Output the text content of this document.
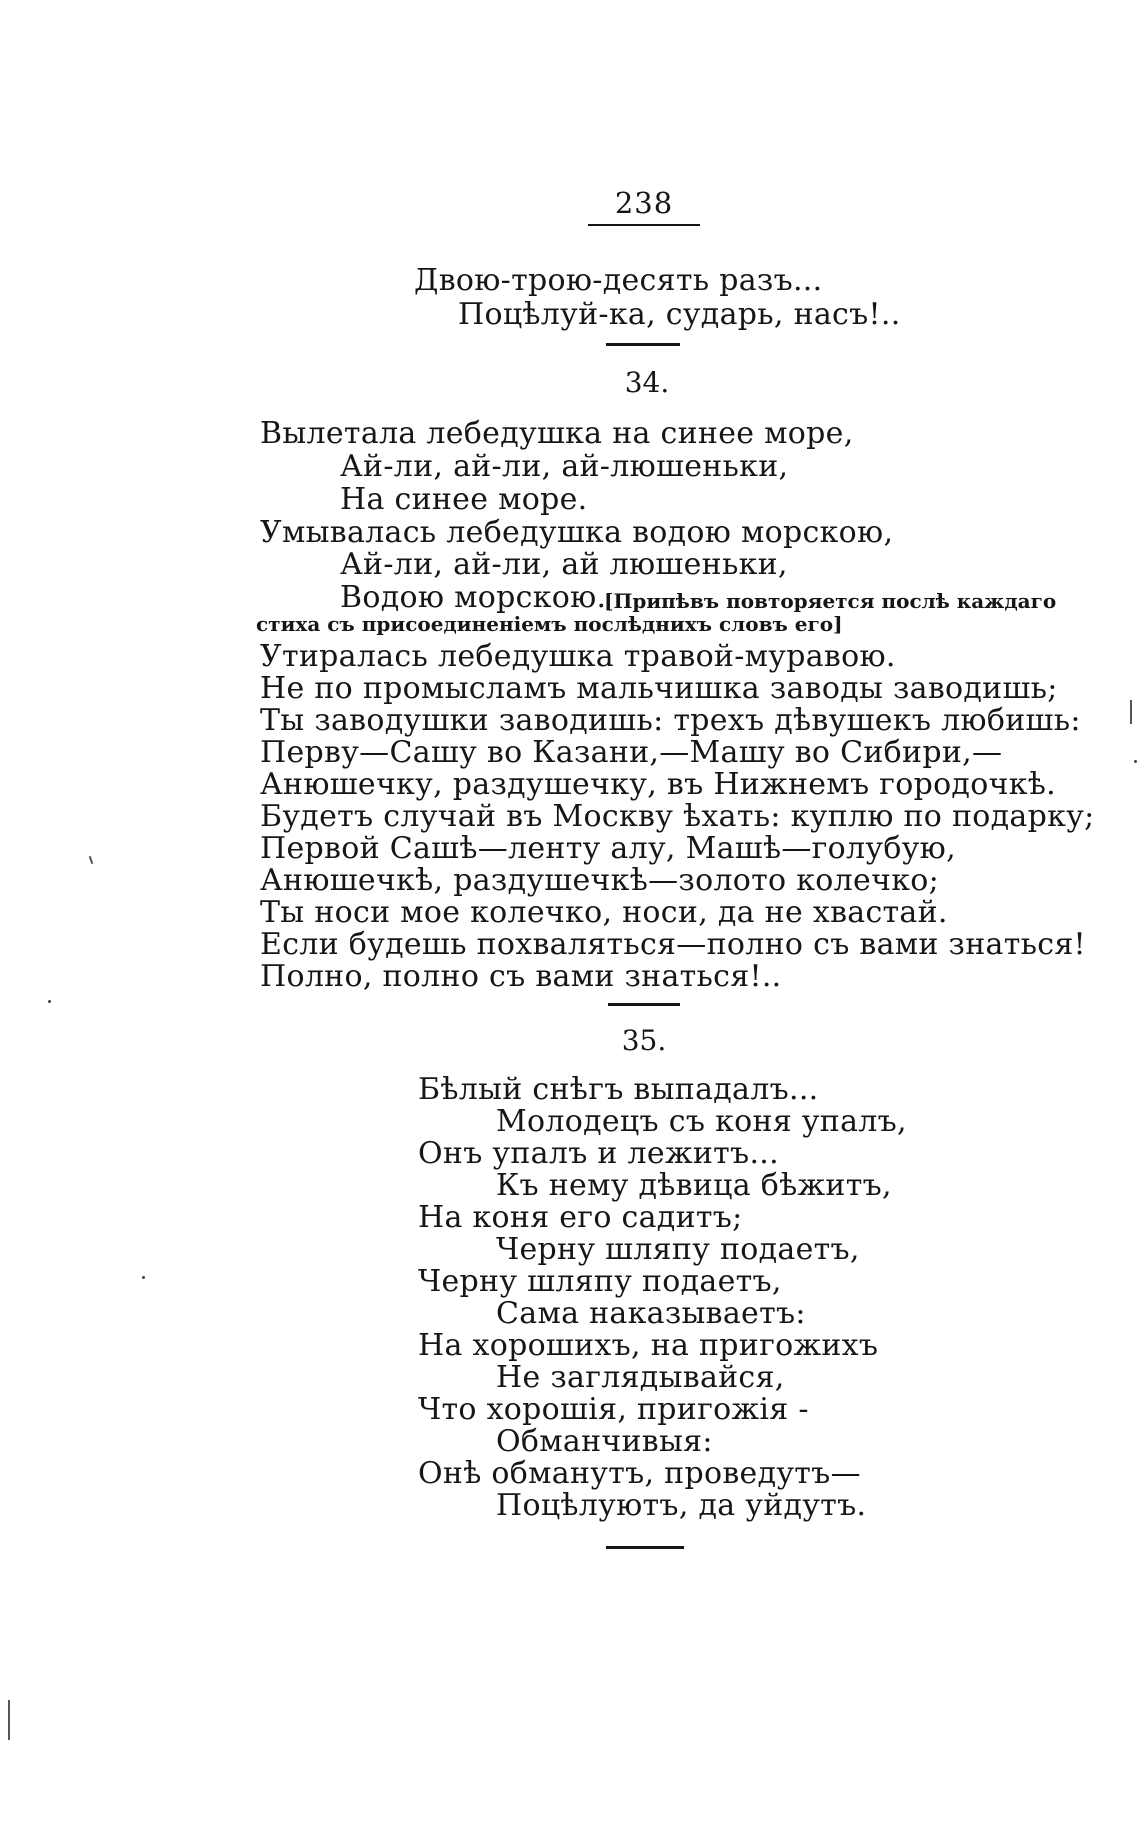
238
Двою-трою-десять разъ...
Поцѣлуй-ка, сударь, насъ!..
34.
Вылетала лебедушка на синее море,
Ай-ли, ай-ли, ай-люшеньки,
На синее море.
Умывалась лебедушка водою морскою,
Ай-ли, ай-ли, ай люшеньки,
Водою морскою.
[Припѣвъ повторяется послѣ каждаго
стиха съ присоединеніемъ послѣднихъ словъ его]
Утиралась лебедушка травой-муравою.
Не по промысламъ мальчишка заводы заводишь;
Ты заводушки заводишь: трехъ дѣвушекъ любишь:
Перву—Сашу во Казани,—Машу во Сибири,—
Анюшечку, раздушечку, въ Нижнемъ городочкѣ.
Будетъ случай въ Москву ѣхать: куплю по подарку;
Первой Сашѣ—ленту алу, Машѣ—голубую,
Анюшечкѣ, раздушечкѣ—золото колечко;
Ты носи мое колечко, носи, да не хвастай.
Если будешь похваляться—полно съ вами знаться!
Полно, полно съ вами знаться!..
35.
Бѣлый снѣгъ выпадалъ...
Молодецъ съ коня упалъ,
Онъ упалъ и лежитъ...
Къ нему дѣвица бѣжитъ,
На коня его садитъ;
Черну шляпу подаетъ,
Черну шляпу подаетъ,
Сама наказываетъ:
На хорошихъ, на пригожихъ
Не заглядывайся,
Что хорошія, пригожія -
Обманчивыя:
Онѣ обманутъ, проведутъ—
Поцѣлуютъ, да уйдутъ.
